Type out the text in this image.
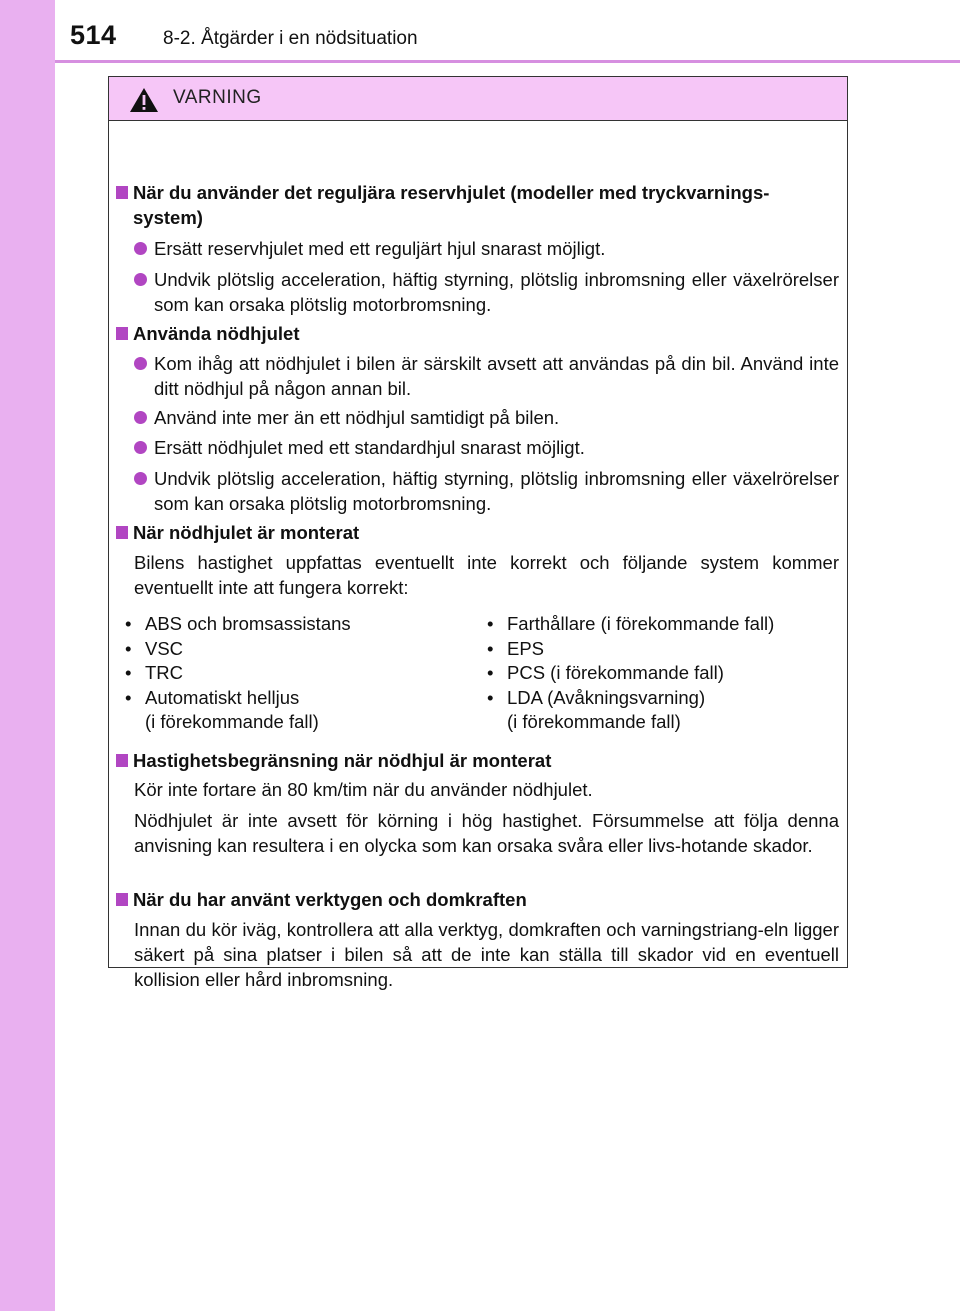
514 8-2. Åtgärder i en nödsituation
VARNING
När du använder det reguljära reservhjulet (modeller med tryckvarnings-system)
Ersätt reservhjulet med ett reguljärt hjul snarast möjligt.
Undvik plötslig acceleration, häftig styrning, plötslig inbromsning eller växelrörelser som kan orsaka plötslig motorbromsning.
Använda nödhjulet
Kom ihåg att nödhjulet i bilen är särskilt avsett att användas på din bil. Använd inte ditt nödhjul på någon annan bil.
Använd inte mer än ett nödhjul samtidigt på bilen.
Ersätt nödhjulet med ett standardhjul snarast möjligt.
Undvik plötslig acceleration, häftig styrning, plötslig inbromsning eller växelrörelser som kan orsaka plötslig motorbromsning.
När nödhjulet är monterat
Bilens hastighet uppfattas eventuellt inte korrekt och följande system kommer eventuellt inte att fungera korrekt:
• ABS och bromsassistans
• VSC
• TRC
• Automatiskt helljus
(i förekommande fall)
• Farthållare (i förekommande fall)
• EPS
• PCS (i förekommande fall)
• LDA (Avåkningsvarning)
(i förekommande fall)
Hastighetsbegränsning när nödhjul är monterat
Kör inte fortare än 80 km/tim när du använder nödhjulet.
Nödhjulet är inte avsett för körning i hög hastighet. Försummelse att följa denna anvisning kan resultera i en olycka som kan orsaka svåra eller livs-hotande skador.
När du har använt verktygen och domkraften
Innan du kör iväg, kontrollera att alla verktyg, domkraften och varningstriang-eln ligger säkert på sina platser i bilen så att de inte kan ställa till skador vid en eventuell kollision eller hård inbromsning.
